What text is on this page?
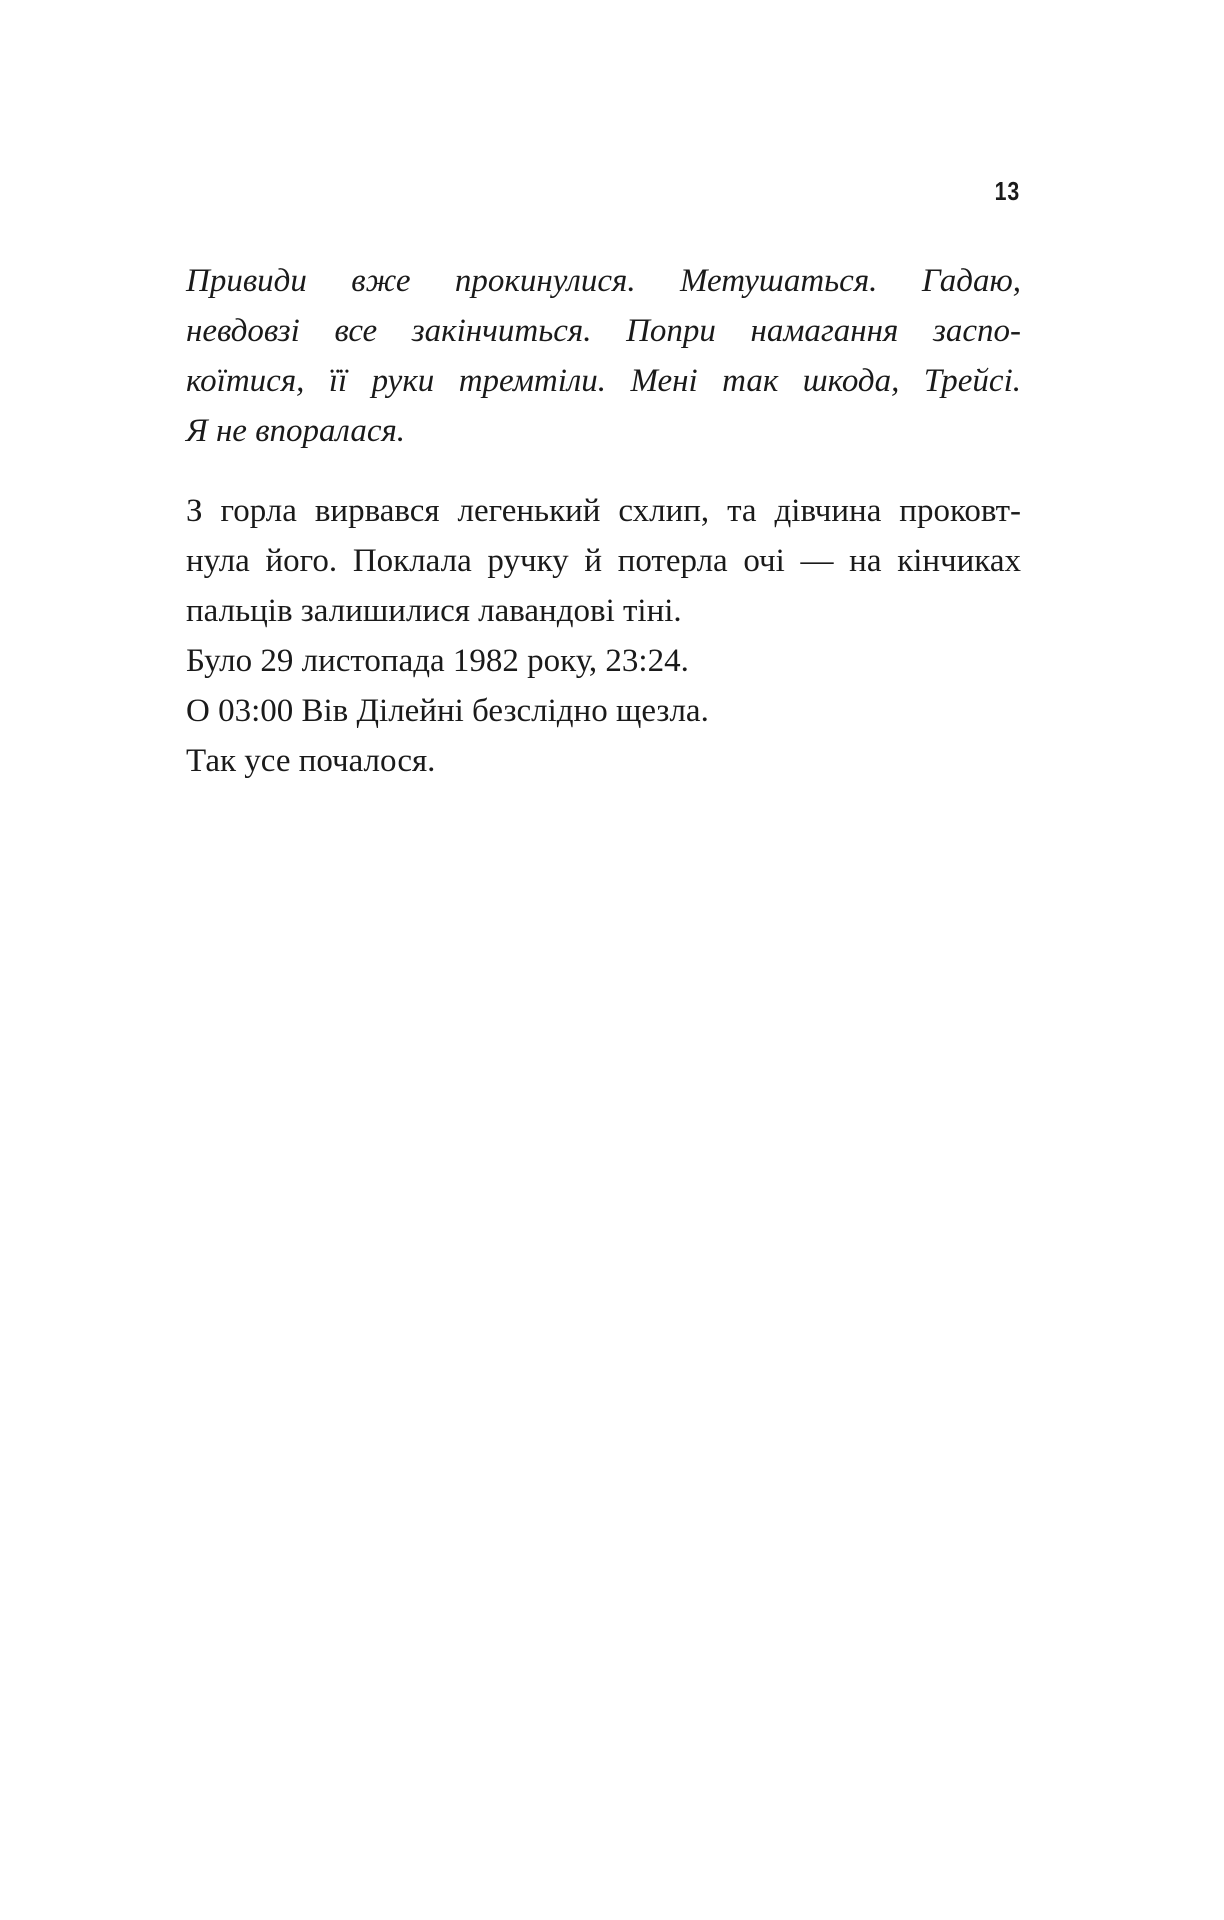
13
Привиди вже прокинулися. Метушаться. Гадаю,
невдовзі все закінчиться. Попри намагання заспо-
коїтися, її руки тремтіли. Мені так шкода, Трейсі.
Я не впоралася.
З горла вирвався легенький схлип, та дівчина проковт-
нула його. Поклала ручку й потерла очі — на кінчиках
пальців залишилися лавандові тіні.
Було 29 листопада 1982 року, 23:24.
О 03:00 Вів Ділейні безслідно щезла.
Так усе почалося.
